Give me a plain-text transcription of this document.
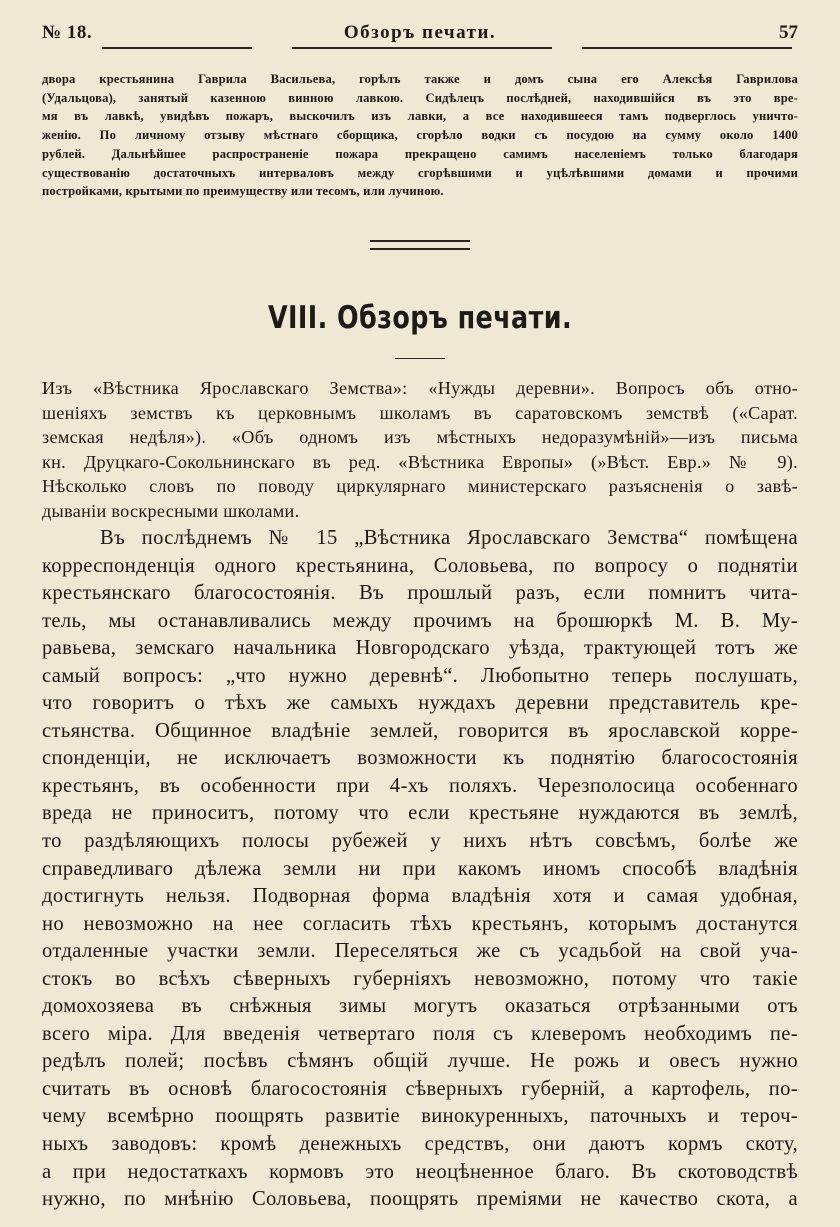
№ 18.	Обзоръ печати.	57
двора крестьянина Гаврила Васильева, горѣлъ также и домъ сына его Алексѣя Гаврилова
(Удальцова), занятый казенною винною лавкою. Сидѣлецъ послѣдней, находившійся въ это вре-
мя въ лавкѣ, увидѣвъ пожаръ, выскочилъ изъ лавки, а все находившееся тамъ подверглось уничто-
женію. По личному отзыву мѣстнаго сборщика, сгорѣло водки съ посудою на сумму около 1400
рублей. Дальнѣйшее распространеніе пожара прекращено самимъ населеніемъ только благодаря
существованію достаточныхъ интерваловъ между сгорѣвшими и уцѣлѣвшими домами и прочими
постройками, крытыми по преимуществу или тесомъ, или лучиною.
VIII. Обзоръ печати.
Изъ «Вѣстника Ярославскаго Земства»: «Нужды деревни». Вопросъ объ отно-
шеніяхъ земствъ къ церковнымъ школамъ въ саратовскомъ земствѣ («Сарат.
земская недѣля»). «Объ одномъ изъ мѣстныхъ недоразумѣній»—изъ письма
кн. Друцкаго-Сокольнинскаго въ ред. «Вѣстника Европы» (»Вѣст. Евр.» № 9).
Нѣсколько словъ по поводу циркулярнаго министерскаго разъясненія о завѣ-
дываніи воскресными школами.
Въ послѣднемъ № 15 „Вѣстника Ярославскаго Земства“ помѣщена
корреспонденція одного крестьянина, Соловьева, по вопросу о поднятіи
крестьянскаго благосостоянія. Въ прошлый разъ, если помнитъ чита-
тель, мы останавливались между прочимъ на брошюркѣ М. В. Му-
равьева, земскаго начальника Новгородскаго уѣзда, трактующей тотъ же
самый вопросъ: „что нужно деревнѣ“. Любопытно теперь послушать,
что говоритъ о тѣхъ же самыхъ нуждахъ деревни представитель кре-
стьянства. Общинное владѣніе землей, говорится въ ярославской корре-
спонденціи, не исключаетъ возможности къ поднятію благосостоянія
крестьянъ, въ особенности при 4-хъ поляхъ. Черезполосица особеннаго
вреда не приноситъ, потому что если крестьяне нуждаются въ землѣ,
то раздѣляющихъ полосы рубежей у нихъ нѣтъ совсѣмъ, болѣе же
справедливаго дѣлежа земли ни при какомъ иномъ способѣ владѣнія
достигнуть нельзя. Подворная форма владѣнія хотя и самая удобная,
но невозможно на нее согласить тѣхъ крестьянъ, которымъ достанутся
отдаленные участки земли. Переселяться же съ усадьбой на свой уча-
стокъ во всѣхъ сѣверныхъ губерніяхъ невозможно, потому что такіе
домохозяева въ снѣжныя зимы могутъ оказаться отрѣзанными отъ
всего міра. Для введенія четвертаго поля съ клеверомъ необходимъ пе-
редѣлъ полей; посѣвъ сѣмянъ общій лучше. Не рожь и овесъ нужно
считать въ основѣ благосостоянія сѣверныхъ губерній, а картофель, по-
чему всемѣрно поощрять развитіе винокуренныхъ, паточныхъ и тероч-
ныхъ заводовъ: кромѣ денежныхъ средствъ, они даютъ кормъ скоту,
а при недостаткахъ кормовъ это неоцѣненное благо. Въ скотоводствѣ
нужно, по мнѣнію Соловьева, поощрять преміями не качество скота, а
